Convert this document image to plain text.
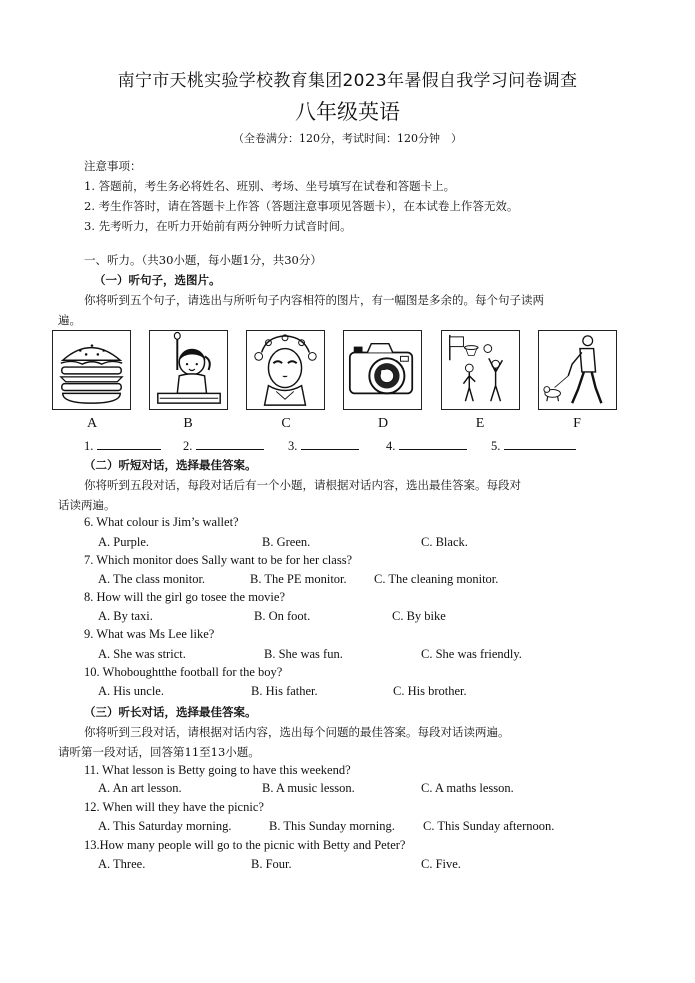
南宁市天桃实验学校教育集团2023年暑假自我学习问卷调查
八年级英语
（全卷满分：120分，考试时间：120分钟　）
注意事项：
1. 答题前，考生务必将姓名、班别、考场、坐号填写在试卷和答题卡上。
2. 考生作答时，请在答题卡上作答（答题注意事项见答题卡），在本试卷上作答无效。
3. 先考听力，在听力开始前有两分钟听力试音时间。
一、听力。（共30小题，每小题1分，共30分）
（一）听句子，选图片。
你将听到五个句子，请选出与所听句子内容相符的图片，有一幅图是多余的。每个句子读两
遍。
A	B	C	D	E	F
1.	2.	3.	4.	5.
（二）听短对话，选择最佳答案。
你将听到五段对话，每段对话后有一个小题，请根据对话内容，选出最佳答案。每段对
话读两遍。
6. What colour is Jim’s wallet?
A. Purple.	B. Green.	C. Black.
7. Which monitor does Sally want to be for her class?
A. The class monitor.	B. The PE monitor. C. The cleaning monitor.
8. How will the girl go tosee the movie?
A. By taxi.	B. On foot.	C. By bike
9. What was Ms Lee like?
A. She was strict.	B. She was fun.	C. She was friendly.
10. Whoboughtthe football for the boy?
A. His uncle.	B. His father.	C. His brother.
（三）听长对话，选择最佳答案。
你将听到三段对话，请根据对话内容，选出每个问题的最佳答案。每段对话读两遍。
请听第一段对话，回答第11至13小题。
11. What lesson is Betty going to have this weekend?
A. An art lesson.	B. A music lesson.	C. A maths lesson.
12. When will they have the picnic?
A. This Saturday morning.	B. This Sunday morning. C. This Sunday afternoon.
13.How many people will go to the picnic with Betty and Peter?
A. Three.	B. Four.	C. Five.
